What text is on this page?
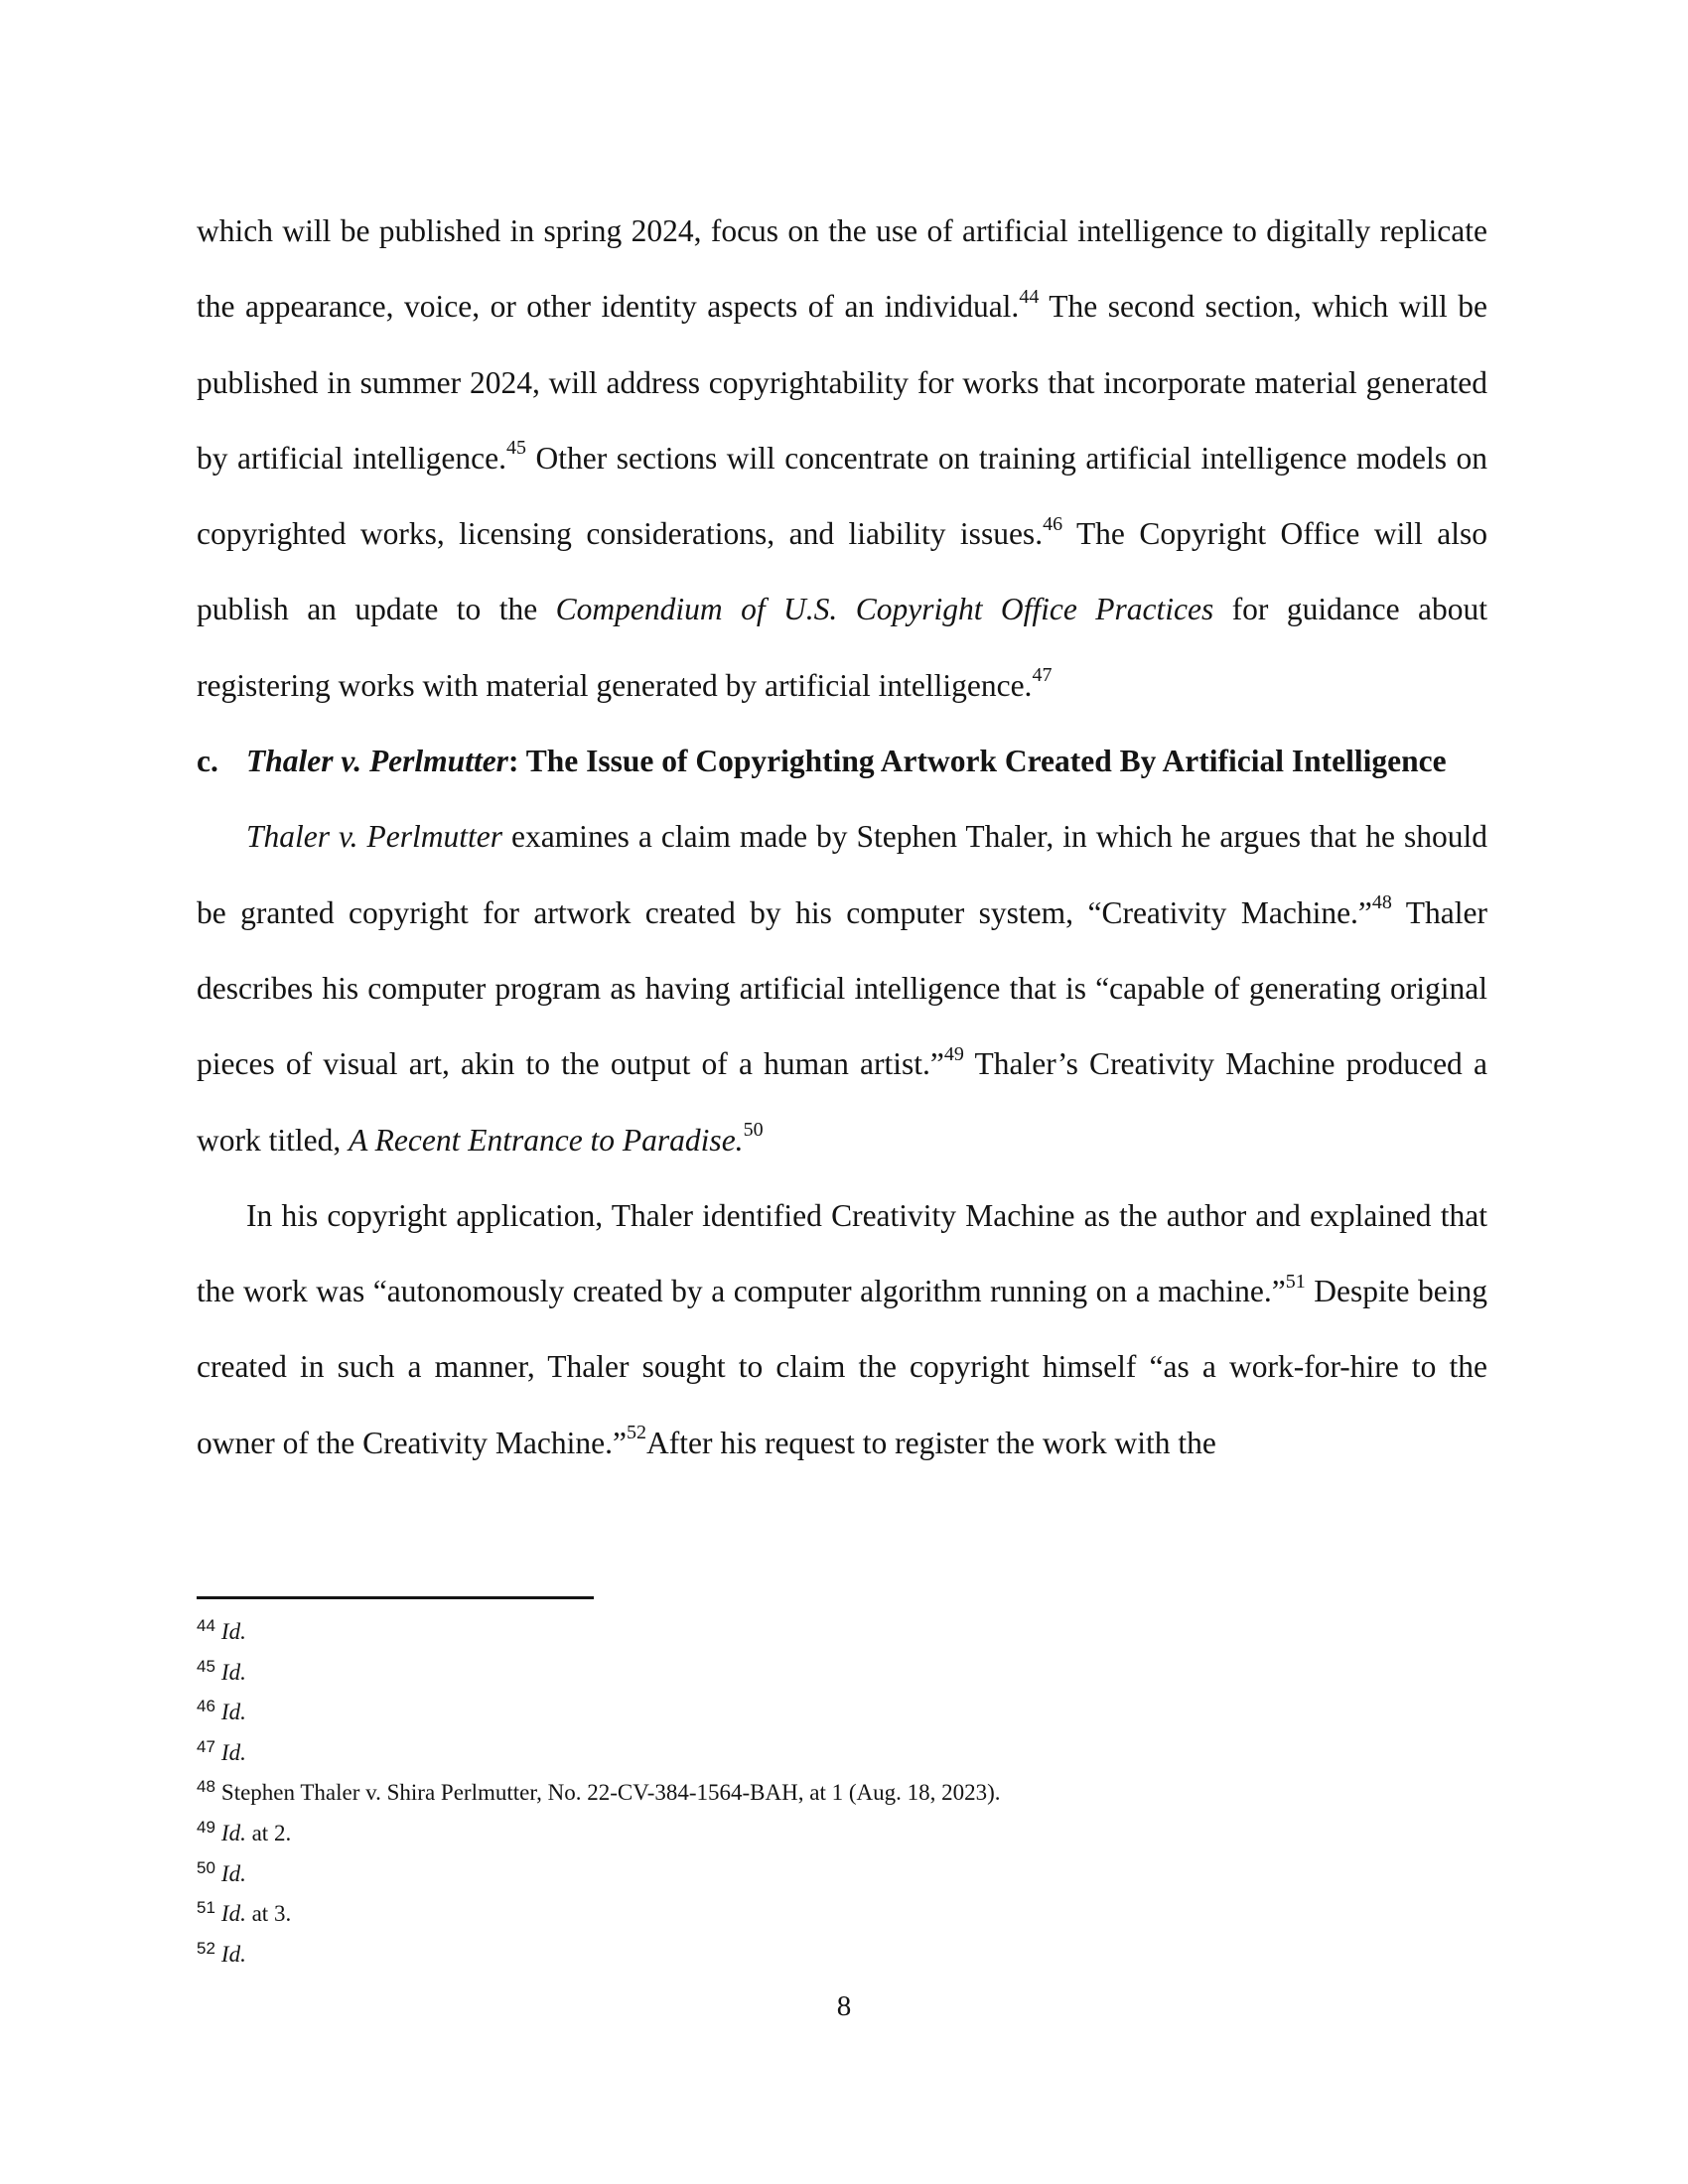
which will be published in spring 2024, focus on the use of artificial intelligence to digitally replicate the appearance, voice, or other identity aspects of an individual.$^{44}$ The second section, which will be published in summer 2024, will address copyrightability for works that incorporate material generated by artificial intelligence.$^{45}$ Other sections will concentrate on training artificial intelligence models on copyrighted works, licensing considerations, and liability issues.$^{46}$ The Copyright Office will also publish an update to the Compendium of U.S. Copyright Office Practices for guidance about registering works with material generated by artificial intelligence.$^{47}$

c. Thaler v. Perlmutter: The Issue of Copyrighting Artwork Created By Artificial Intelligence

Thaler v. Perlmutter examines a claim made by Stephen Thaler, in which he argues that he should be granted copyright for artwork created by his computer system, “Creativity Machine.”$^{48}$ Thaler describes his computer program as having artificial intelligence that is “capable of generating original pieces of visual art, akin to the output of a human artist.”$^{49}$ Thaler’s Creativity Machine produced a work titled, A Recent Entrance to Paradise.$^{50}$

In his copyright application, Thaler identified Creativity Machine as the author and explained that the work was “autonomously created by a computer algorithm running on a machine.”$^{51}$ Despite being created in such a manner, Thaler sought to claim the copyright himself “as a work-for-hire to the owner of the Creativity Machine.”$^{52}$After his request to register the work with the

$^{44}$ Id.
$^{45}$ Id.
$^{46}$ Id.
$^{47}$ Id.
$^{48}$ Stephen Thaler v. Shira Perlmutter, No. 22-CV-384-1564-BAH, at 1 (Aug. 18, 2023).
$^{49}$ Id. at 2.
$^{50}$ Id.
$^{51}$ Id. at 3.
$^{52}$ Id.
8
